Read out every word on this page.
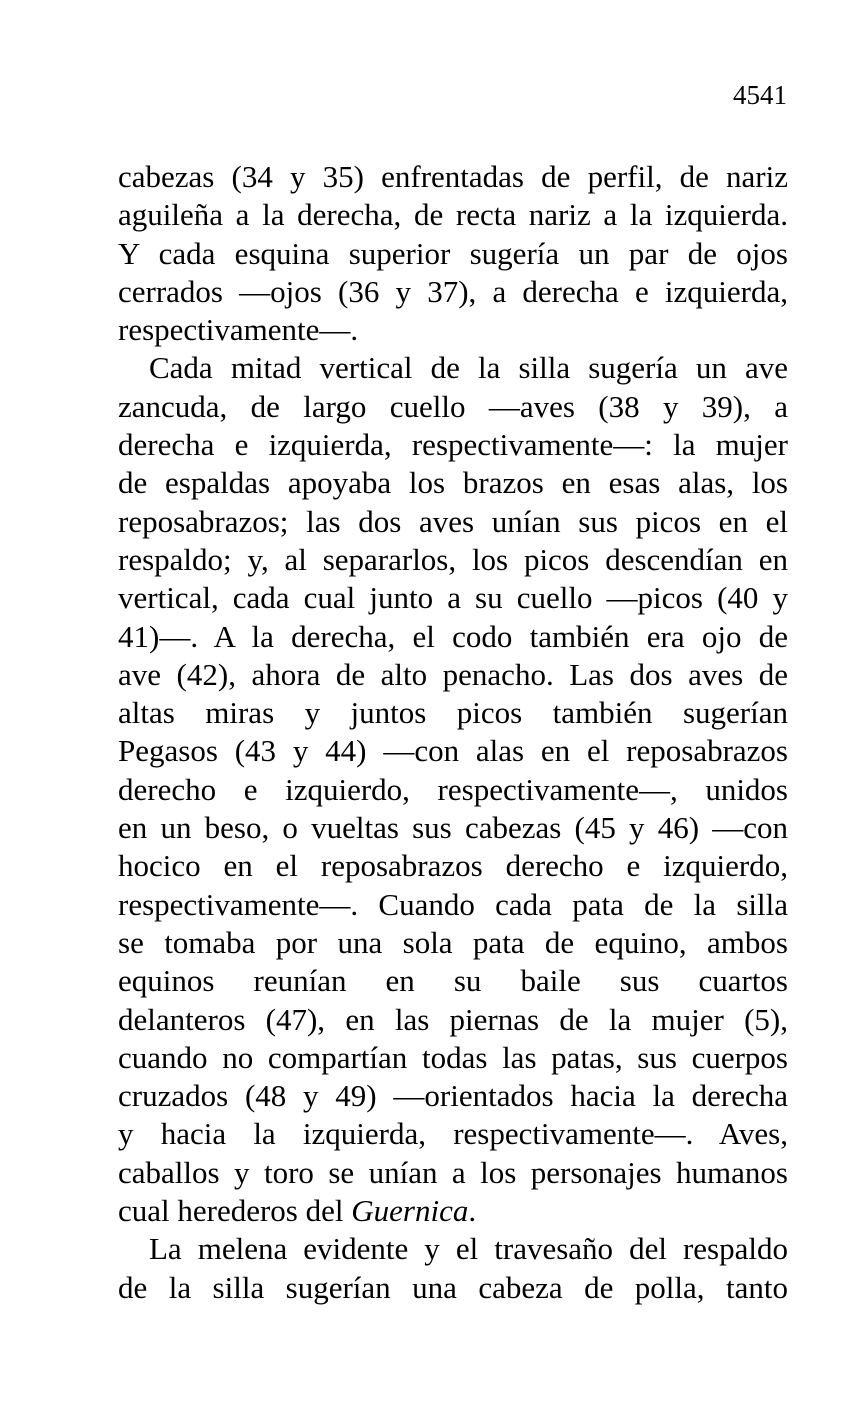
4541
cabezas (34 y 35) enfrentadas de perfil, de nariz
aguileña a la derecha, de recta nariz a la izquierda.
Y cada esquina superior sugería un par de ojos
cerrados —ojos (36 y 37), a derecha e izquierda,
respectivamente—.
Cada mitad vertical de la silla sugería un ave
zancuda, de largo cuello —aves (38 y 39), a
derecha e izquierda, respectivamente—: la mujer
de espaldas apoyaba los brazos en esas alas, los
reposabrazos; las dos aves unían sus picos en el
respaldo; y, al separarlos, los picos descendían en
vertical, cada cual junto a su cuello —picos (40 y
41)—. A la derecha, el codo también era ojo de
ave (42), ahora de alto penacho. Las dos aves de
altas miras y juntos picos también sugerían
Pegasos (43 y 44) —con alas en el reposabrazos
derecho e izquierdo, respectivamente—, unidos
en un beso, o vueltas sus cabezas (45 y 46) —con
hocico en el reposabrazos derecho e izquierdo,
respectivamente—. Cuando cada pata de la silla
se tomaba por una sola pata de equino, ambos
equinos reunían en su baile sus cuartos
delanteros (47), en las piernas de la mujer (5),
cuando no compartían todas las patas, sus cuerpos
cruzados (48 y 49) —orientados hacia la derecha
y hacia la izquierda, respectivamente—. Aves,
caballos y toro se unían a los personajes humanos
cual herederos del Guernica.
La melena evidente y el travesaño del respaldo
de la silla sugerían una cabeza de polla, tanto
